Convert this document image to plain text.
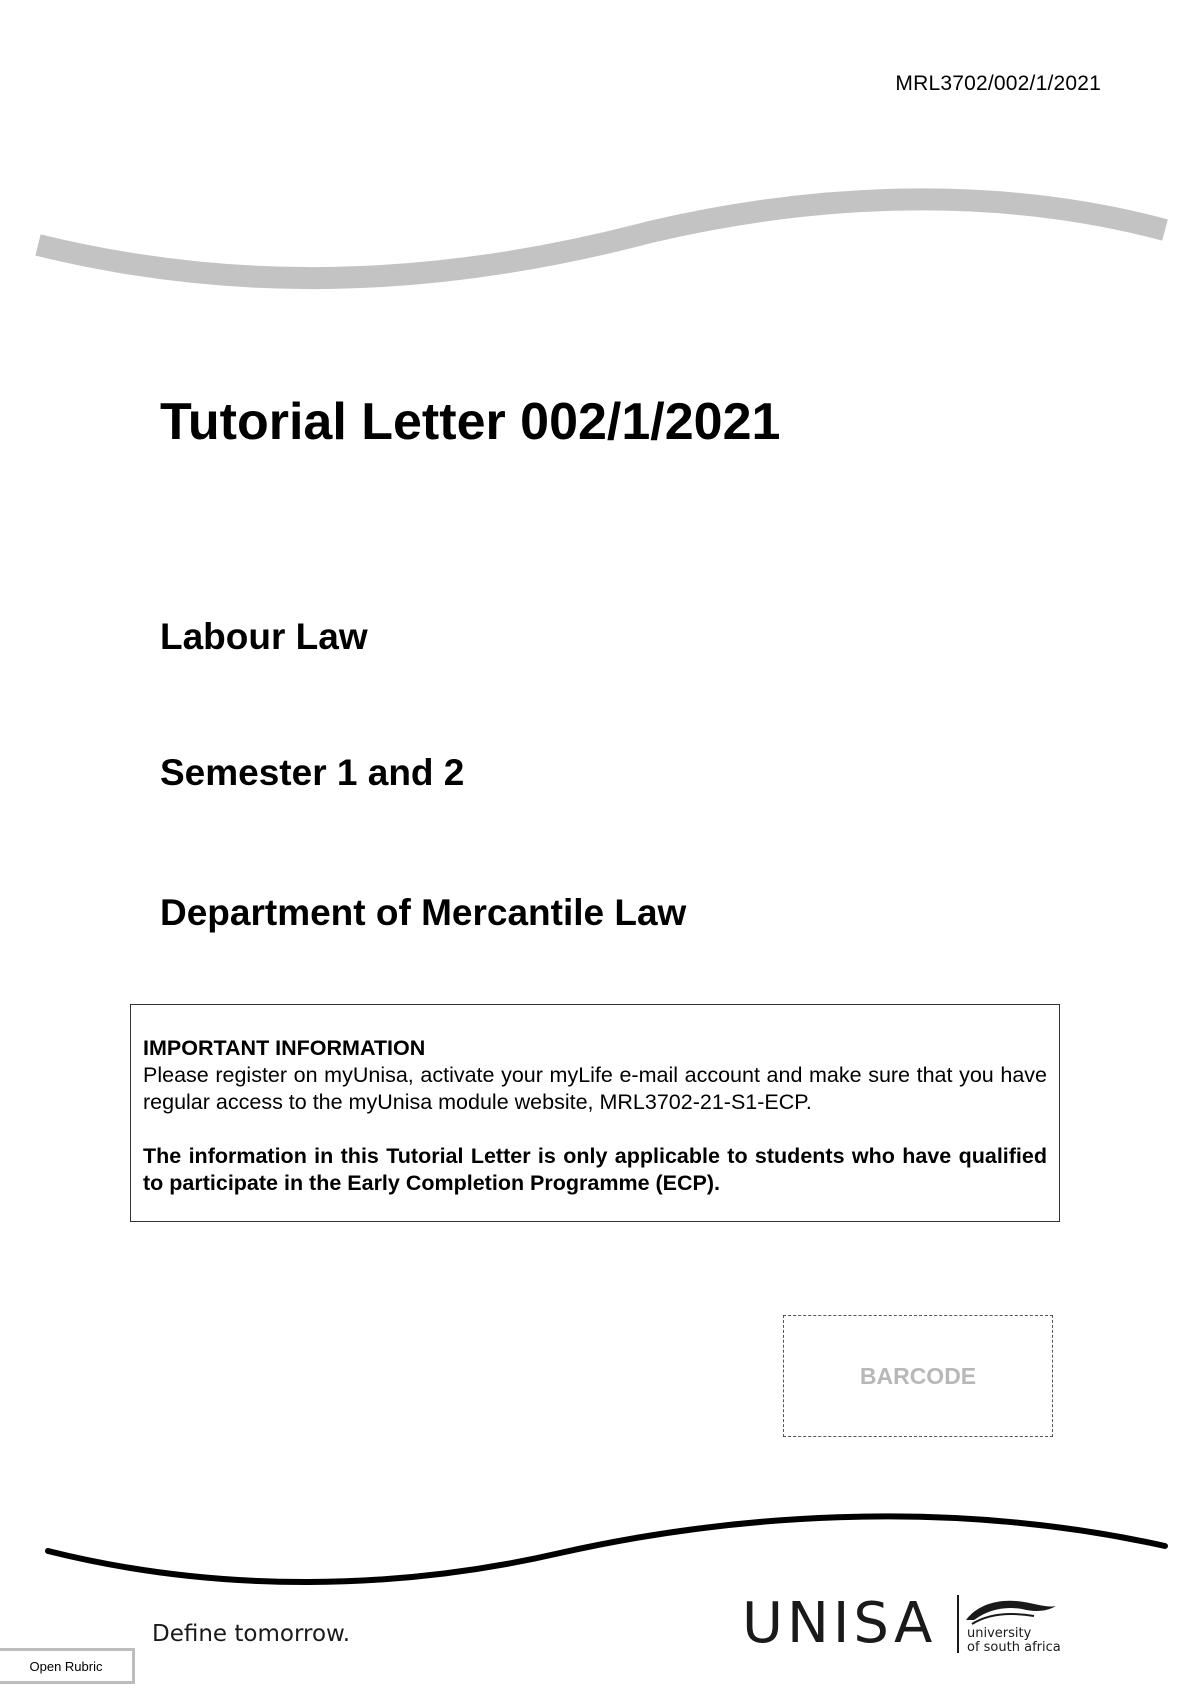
MRL3702/002/1/2021
Tutorial Letter 002/1/2021
Labour Law
Semester 1 and 2
Department of Mercantile Law
IMPORTANT INFORMATION
Please register on myUnisa, activate your myLife e-mail account and make sure that you have regular access to the myUnisa module website, MRL3702-21-S1-ECP.
The information in this Tutorial Letter is only applicable to students who have qualified to participate in the Early Completion Programme (ECP).
BARCODE
Define tomorrow.	UNISA university
of south africa
Open Rubric
